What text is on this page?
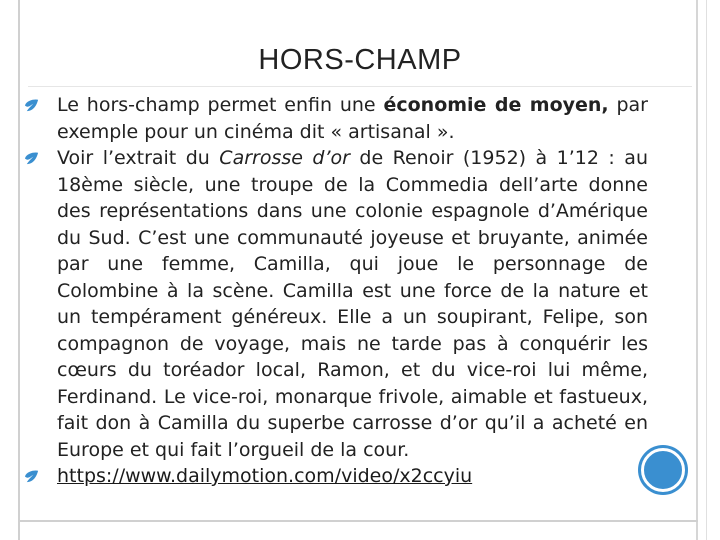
HORS-CHAMP
Le hors-champ permet enfin une économie de moyen, par exemple pour un cinéma dit « artisanal ».
Voir l’extrait du Carrosse d’or de Renoir (1952) à 1’12 : au 18ème siècle, une troupe de la Commedia dell’arte donne des représentations dans une colonie espagnole d’Amérique du Sud. C’est une communauté joyeuse et bruyante, animée par une femme, Camilla, qui joue le personnage de Colombine à la scène. Camilla est une force de la nature et un tempérament généreux. Elle a un soupirant, Felipe, son compagnon de voyage, mais ne tarde pas à conquérir les cœurs du toréador local, Ramon, et du vice-roi lui même, Ferdinand. Le vice-roi, monarque frivole, aimable et fastueux, fait don à Camilla du superbe carrosse d’or qu’il a acheté en Europe et qui fait l’orgueil de la cour.
https://www.dailymotion.com/video/x2ccyiu
